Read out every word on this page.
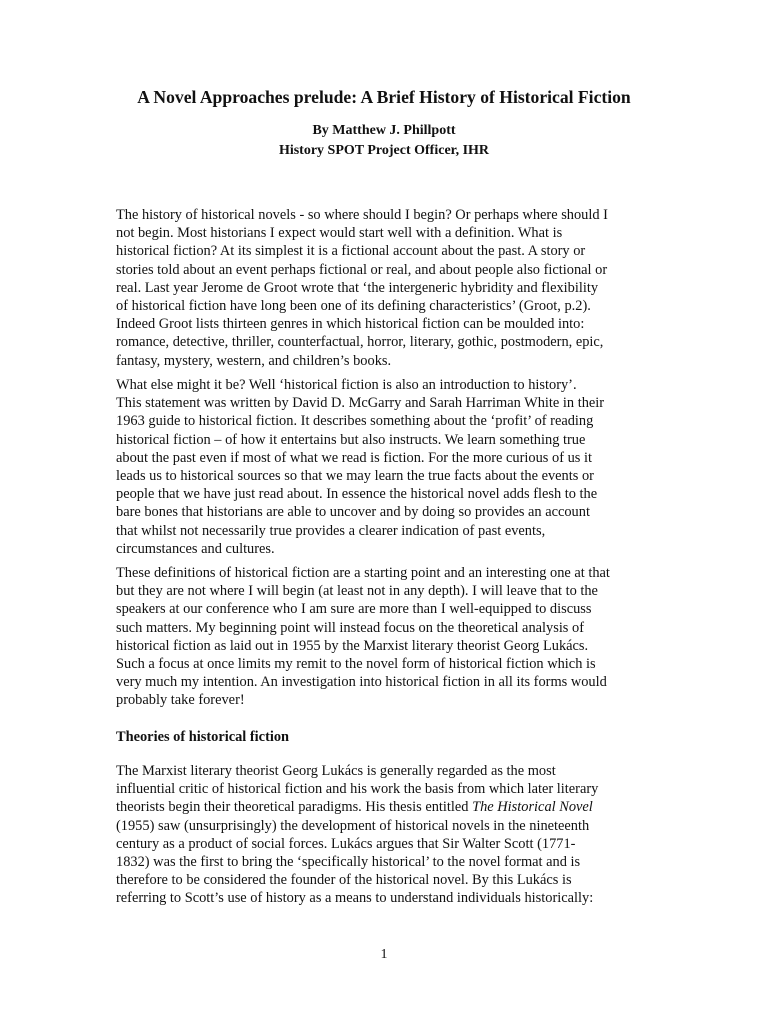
A Novel Approaches prelude: A Brief History of Historical Fiction
By Matthew J. Phillpott
History SPOT Project Officer, IHR
The history of historical novels - so where should I begin? Or perhaps where should I
not begin. Most historians I expect would start well with a definition. What is
historical fiction? At its simplest it is a fictional account about the past. A story or
stories told about an event perhaps fictional or real, and about people also fictional or
real. Last year Jerome de Groot wrote that ‘the intergeneric hybridity and flexibility
of historical fiction have long been one of its defining characteristics’ (Groot, p.2).
Indeed Groot lists thirteen genres in which historical fiction can be moulded into:
romance, detective, thriller, counterfactual, horror, literary, gothic, postmodern, epic,
fantasy, mystery, western, and children’s books.
What else might it be? Well ‘historical fiction is also an introduction to history’.
This statement was written by David D. McGarry and Sarah Harriman White in their
1963 guide to historical fiction. It describes something about the ‘profit’ of reading
historical fiction – of how it entertains but also instructs. We learn something true
about the past even if most of what we read is fiction. For the more curious of us it
leads us to historical sources so that we may learn the true facts about the events or
people that we have just read about. In essence the historical novel adds flesh to the
bare bones that historians are able to uncover and by doing so provides an account
that whilst not necessarily true provides a clearer indication of past events,
circumstances and cultures.
These definitions of historical fiction are a starting point and an interesting one at that
but they are not where I will begin (at least not in any depth). I will leave that to the
speakers at our conference who I am sure are more than I well-equipped to discuss
such matters. My beginning point will instead focus on the theoretical analysis of
historical fiction as laid out in 1955 by the Marxist literary theorist Georg Lukács.
Such a focus at once limits my remit to the novel form of historical fiction which is
very much my intention. An investigation into historical fiction in all its forms would
probably take forever!
Theories of historical fiction
The Marxist literary theorist Georg Lukács is generally regarded as the most
influential critic of historical fiction and his work the basis from which later literary
theorists begin their theoretical paradigms. His thesis entitled The Historical Novel
(1955) saw (unsurprisingly) the development of historical novels in the nineteenth
century as a product of social forces. Lukács argues that Sir Walter Scott (1771-
1832) was the first to bring the ‘specifically historical’ to the novel format and is
therefore to be considered the founder of the historical novel. By this Lukács is
referring to Scott’s use of history as a means to understand individuals historically:
1
